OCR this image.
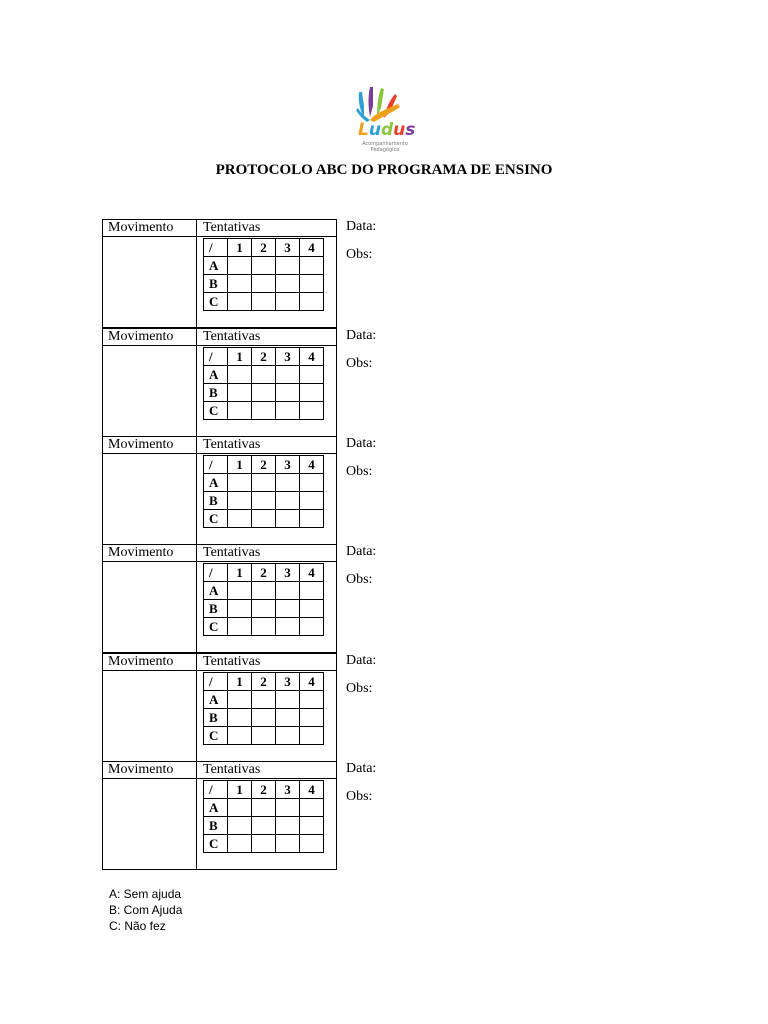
Ludus
Acompanhamento Pedagógico
PROTOCOLO ABC DO PROGRAMA DE ENSINO
Movimento Tentativas
/	1	2	3	4
A				
B				
C				
Data:
Obs:
Movimento Tentativas
/	1	2	3	4
A				
B				
C				
Data:
Obs:
Movimento Tentativas
/	1	2	3	4
A				
B				
C				
Data:
Obs:
Movimento Tentativas
/	1	2	3	4
A				
B				
C				
Data:
Obs:
Movimento Tentativas
/	1	2	3	4
A				
B				
C				
Data:
Obs:
Movimento Tentativas
/	1	2	3	4
A				
B				
C				
Data:
Obs:
A: Sem ajuda
B: Com Ajuda
C: Não fez
